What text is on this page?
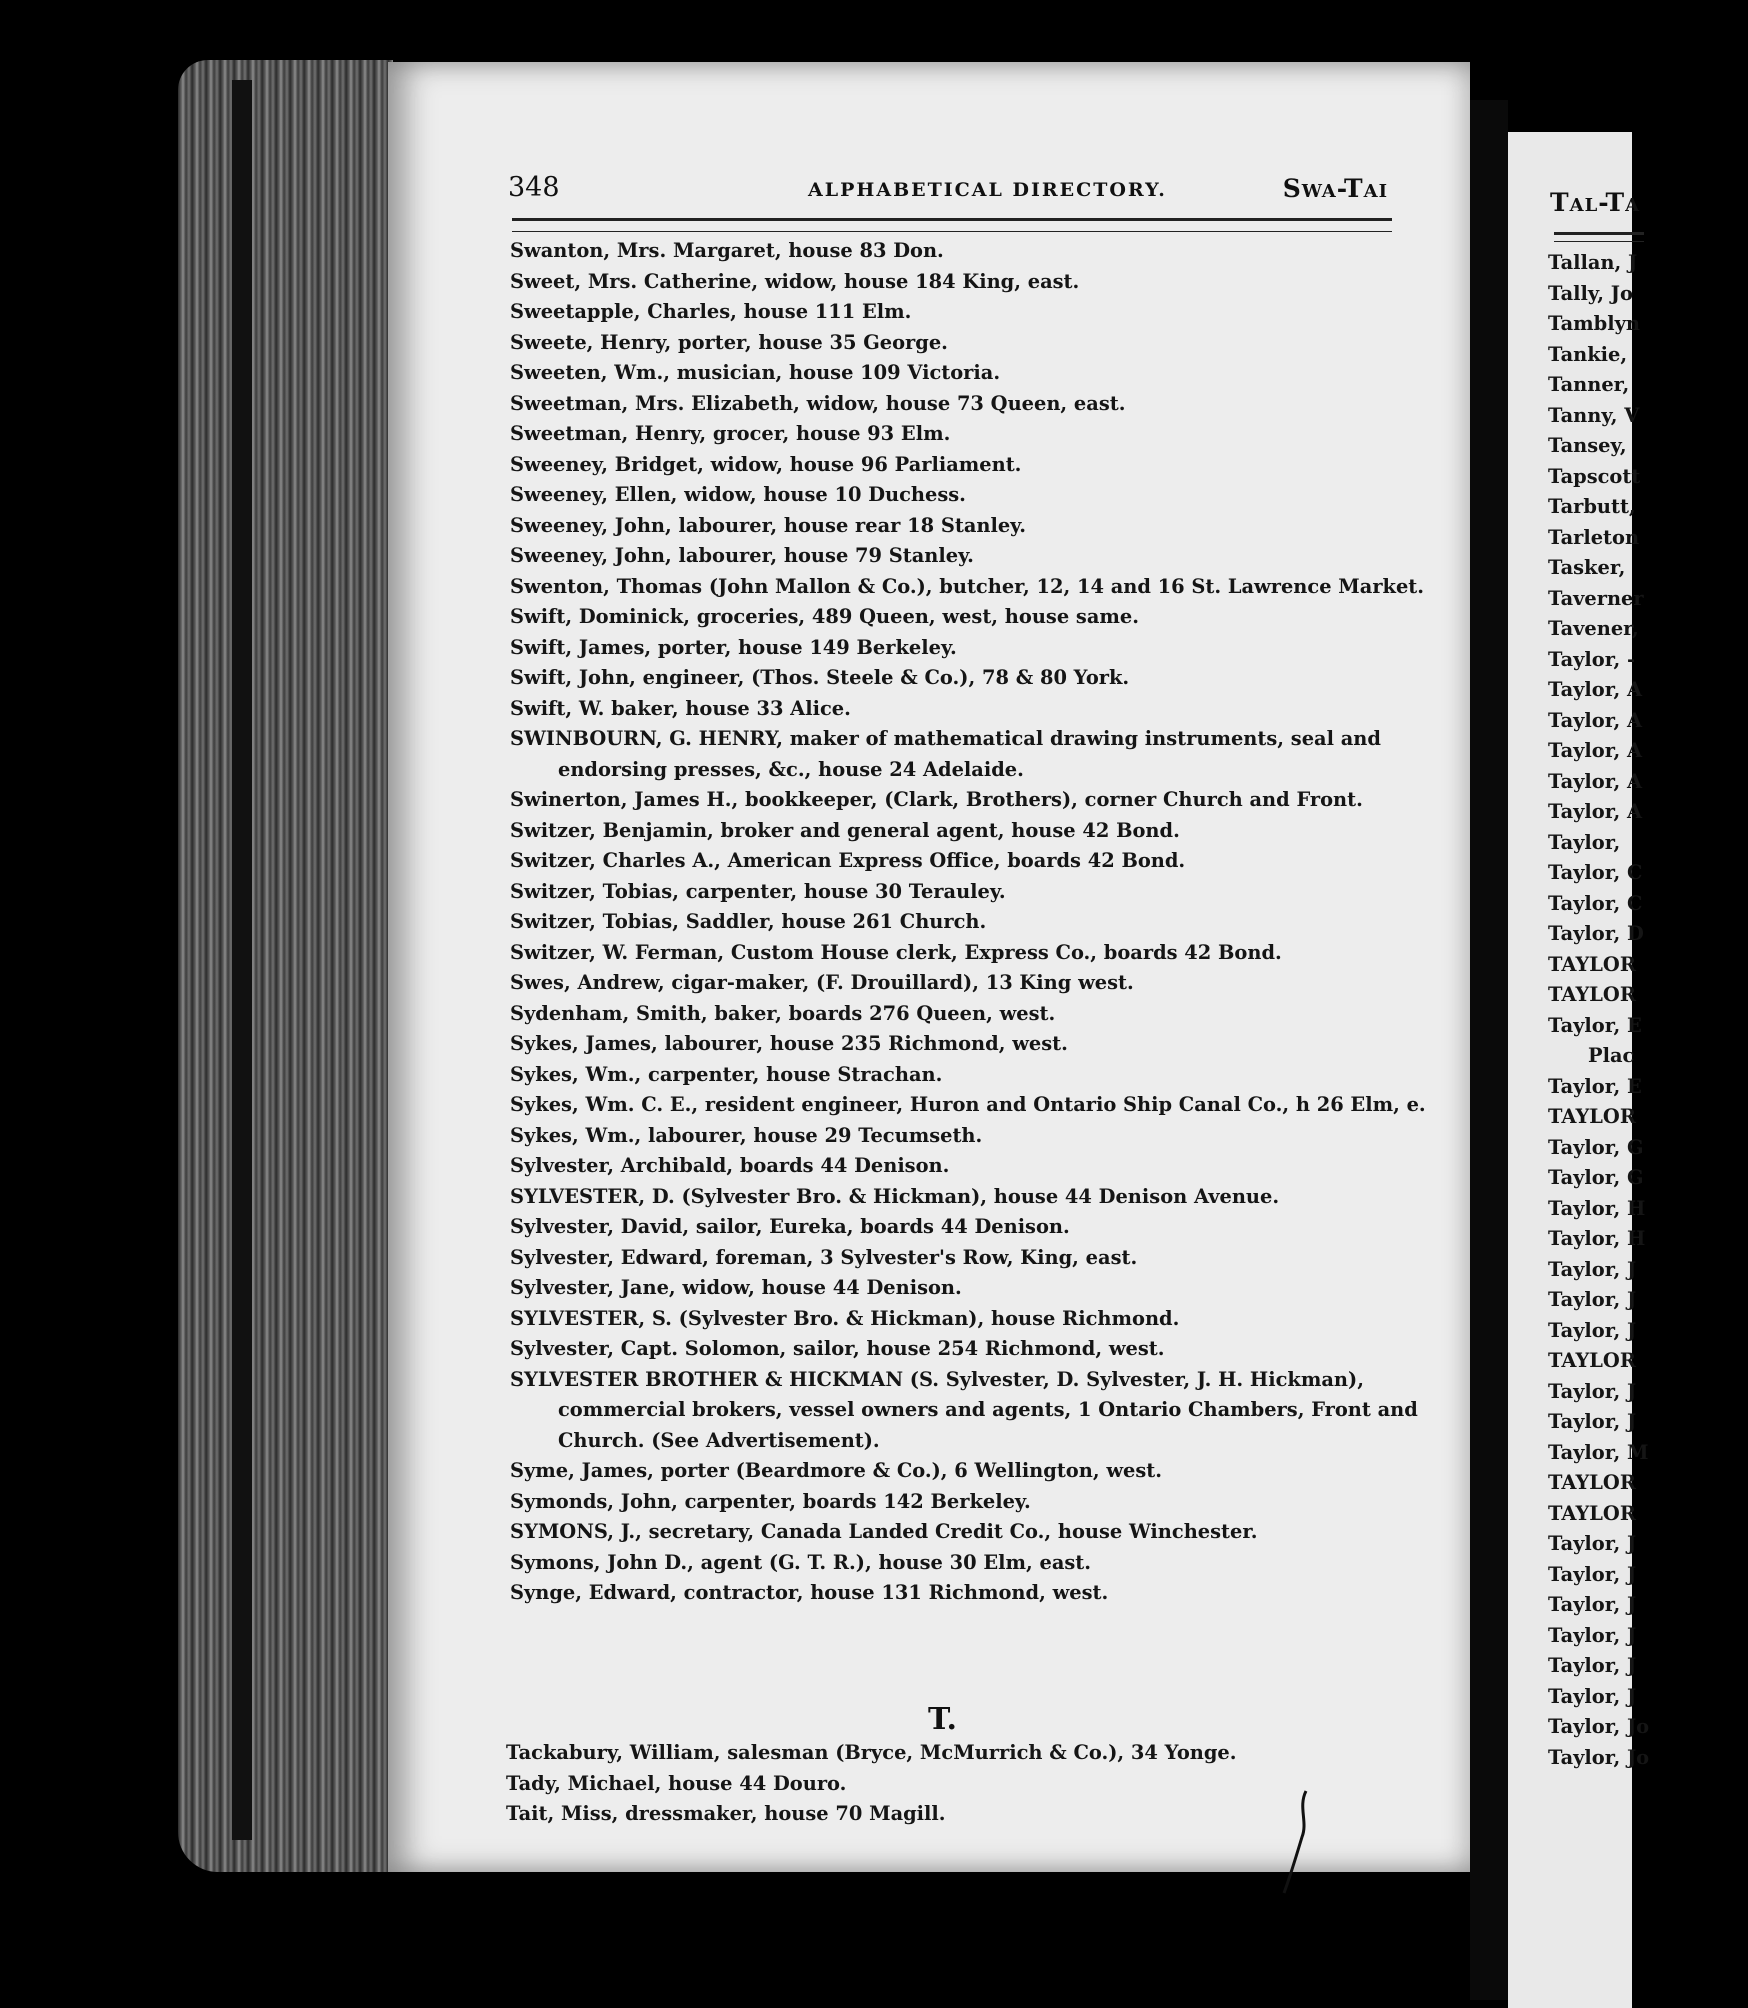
348	ALPHABETICAL DIRECTORY.	Swa-Tai
Swanton, Mrs. Margaret, house 83 Don.
Sweet, Mrs. Catherine, widow, house 184 King, east.
Sweetapple, Charles, house 111 Elm.
Sweete, Henry, porter, house 35 George.
Sweeten, Wm., musician, house 109 Victoria.
Sweetman, Mrs. Elizabeth, widow, house 73 Queen, east.
Sweetman, Henry, grocer, house 93 Elm.
Sweeney, Bridget, widow, house 96 Parliament.
Sweeney, Ellen, widow, house 10 Duchess.
Sweeney, John, labourer, house rear 18 Stanley.
Sweeney, John, labourer, house 79 Stanley.
Swenton, Thomas (John Mallon & Co.), butcher, 12, 14 and 16 St. Lawrence Market.
Swift, Dominick, groceries, 489 Queen, west, house same.
Swift, James, porter, house 149 Berkeley.
Swift, John, engineer, (Thos. Steele & Co.), 78 & 80 York.
Swift, W. baker, house 33 Alice.
SWINBOURN, G. HENRY, maker of mathematical drawing instruments, seal and
endorsing presses, &c., house 24 Adelaide.
Swinerton, James H., bookkeeper, (Clark, Brothers), corner Church and Front.
Switzer, Benjamin, broker and general agent, house 42 Bond.
Switzer, Charles A., American Express Office, boards 42 Bond.
Switzer, Tobias, carpenter, house 30 Terauley.
Switzer, Tobias, Saddler, house 261 Church.
Switzer, W. Ferman, Custom House clerk, Express Co., boards 42 Bond.
Swes, Andrew, cigar-maker, (F. Drouillard), 13 King west.
Sydenham, Smith, baker, boards 276 Queen, west.
Sykes, James, labourer, house 235 Richmond, west.
Sykes, Wm., carpenter, house Strachan.
Sykes, Wm. C. E., resident engineer, Huron and Ontario Ship Canal Co., h 26 Elm, e.
Sykes, Wm., labourer, house 29 Tecumseth.
Sylvester, Archibald, boards 44 Denison.
SYLVESTER, D. (Sylvester Bro. & Hickman), house 44 Denison Avenue.
Sylvester, David, sailor, Eureka, boards 44 Denison.
Sylvester, Edward, foreman, 3 Sylvester's Row, King, east.
Sylvester, Jane, widow, house 44 Denison.
SYLVESTER, S. (Sylvester Bro. & Hickman), house Richmond.
Sylvester, Capt. Solomon, sailor, house 254 Richmond, west.
SYLVESTER BROTHER & HICKMAN (S. Sylvester, D. Sylvester, J. H. Hickman),
commercial brokers, vessel owners and agents, 1 Ontario Chambers, Front and
Church. (See Advertisement).
Syme, James, porter (Beardmore & Co.), 6 Wellington, west.
Symonds, John, carpenter, boards 142 Berkeley.
SYMONS, J., secretary, Canada Landed Credit Co., house Winchester.
Symons, John D., agent (G. T. R.), house 30 Elm, east.
Synge, Edward, contractor, house 131 Richmond, west.
T.
Tackabury, William, salesman (Bryce, McMurrich & Co.), 34 Yonge.
Tady, Michael, house 44 Douro.
Tait, Miss, dressmaker, house 70 Magill.
Tal-Ta
Tallan, J
Tally, Jo
Tamblyn
Tankie,
Tanner,
Tanny, V
Tansey,
Tapscott
Tarbutt,
Tarleton
Tasker,
Taverner
Tavener,
Taylor, -
Taylor, A
Taylor, A
Taylor, A
Taylor, A
Taylor, A
Taylor,
Taylor, C
Taylor, C
Taylor, D
TAYLOR
TAYLOR
Taylor, E
Plac
Taylor, E
TAYLOR
Taylor, G
Taylor, G
Taylor, H
Taylor, H
Taylor, J
Taylor, J
Taylor, J
TAYLOR
Taylor, J
Taylor, J
Taylor, M
TAYLOR
TAYLOR
Taylor, J
Taylor, J
Taylor, J
Taylor, J
Taylor, J
Taylor, J
Taylor, Jo
Taylor, Jo
